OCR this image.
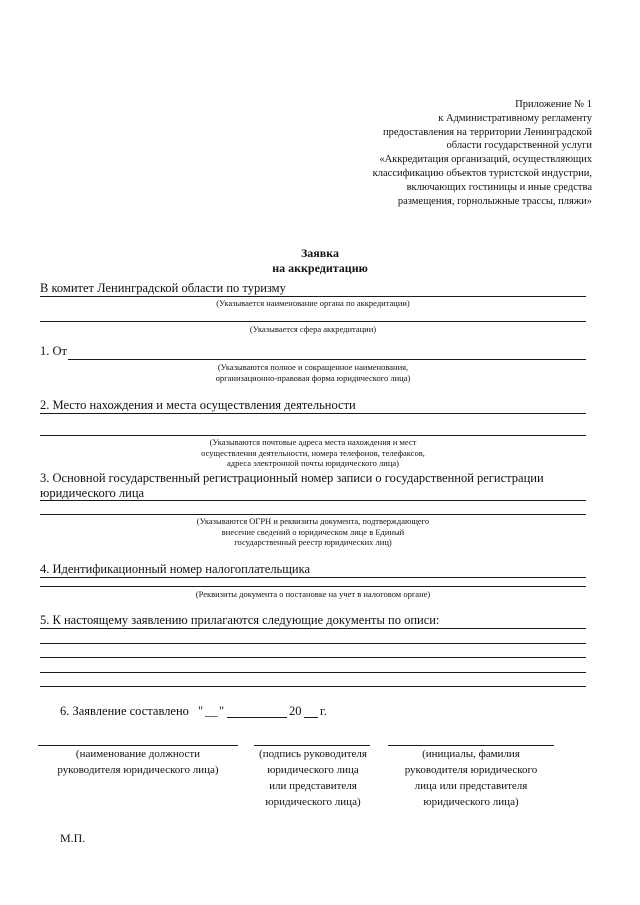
Приложение № 1
к Административному регламенту
предоставления на территории Ленинградской
области государственной услуги
«Аккредитация организаций, осуществляющих
классификацию объектов туристской индустрии,
включающих гостиницы и иные средства
размещения, горнолыжные трассы, пляжи»
Заявка
на аккредитацию
В комитет Ленинградской области по туризму
(Указывается наименование органа по аккредитации)
(Указывается сфера аккредитации)
1. От
(Указываются полное и сокращенное наименования,
организационно-правовая форма юридического лица)
2. Место нахождения и места осуществления деятельности
(Указываются почтовые адреса места нахождения и мест
осуществления деятельности, номера телефонов, телефаксов,
адреса электронной почты юридического лица)
3. Основной государственный регистрационный номер записи о государственной регистрации
юридического лица
(Указываются ОГРН и реквизиты документа, подтверждающего
внесение сведений о юридическом лице в Единый
государственный реестр юридических лиц)
4. Идентификационный номер налогоплательщика
(Реквизиты документа о постановке на учет в налоговом органе)
5. К настоящему заявлению прилагаются следующие документы по описи:
6. Заявление составлено " __ "	20 г.
(наименование должности
руководителя юридического лица)
(подпись руководителя
юридического лица
или представителя
юридического лица)
(инициалы, фамилия
руководителя юридического
лица или представителя
юридического лица)
М.П.
